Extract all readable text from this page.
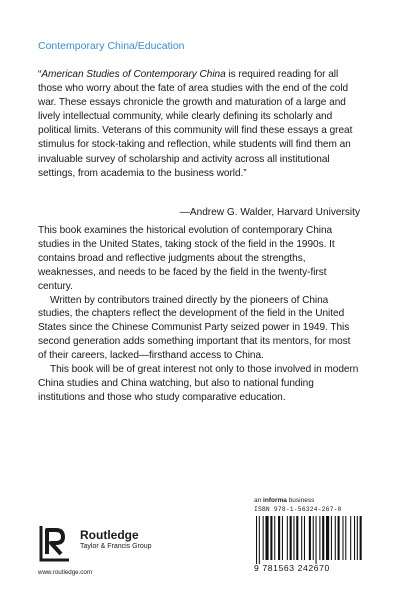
Contemporary China/Education

“American Studies of Contemporary China is required reading for all those who worry about the fate of area studies with the end of the cold war. These essays chronicle the growth and maturation of a large and lively intellectual community, while clearly defining its scholarly and political limits. Veterans of this community will find these essays a great stimulus for stock-taking and reflection, while students will find them an invaluable survey of scholarship and activity across all institutional settings, from academia to the business world.”

—Andrew G. Walder, Harvard University

This book examines the historical evolution of contemporary China studies in the United States, taking stock of the field in the 1990s. It contains broad and reflective judgments about the strengths, weaknesses, and needs to be faced by the field in the twenty-first century.

Written by contributors trained directly by the pioneers of China studies, the chapters reflect the development of the field in the United States since the Chinese Communist Party seized power in 1949. This second generation adds something important that its mentors, for most of their careers, lacked—firsthand access to China.

This book will be of great interest not only to those involved in modern China studies and China watching, but also to national funding institutions and those who study comparative education.

an informa business
ISBN 978-1-56324-267-0
9 781563 242670
Routledge
Taylor & Francis Group
www.routledge.com
